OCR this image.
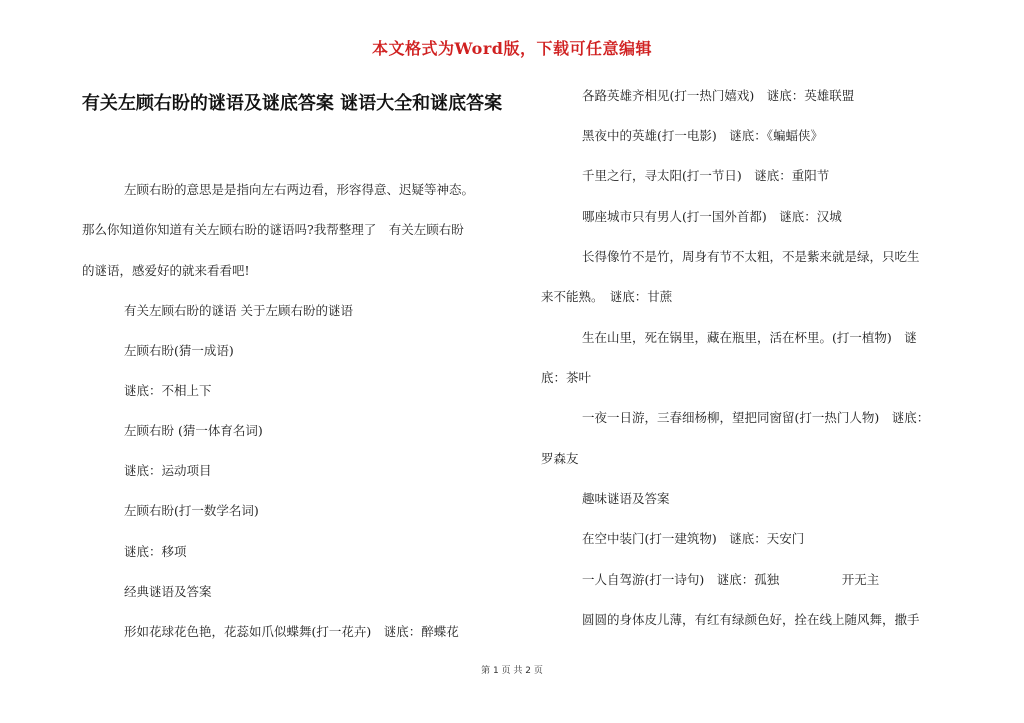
本文格式为Word版，下载可任意编辑
有关左顾右盼的谜语及谜底答案 谜语大全和谜底答案
左顾右盼的意思是是指向左右两边看，形容得意、迟疑等神态。
那么你知道你知道有关左顾右盼的谜语吗?我帮整理了　有关左顾右盼
的谜语，感爱好的就来看看吧!
有关左顾右盼的谜语 关于左顾右盼的谜语
左顾右盼(猜一成语)
谜底：不相上下
左顾右盼 (猜一体育名词)
谜底：运动项目
左顾右盼(打一数学名词)
谜底：移项
经典谜语及答案
形如花球花色艳，花蕊如爪似蝶舞(打一花卉)　谜底：醉蝶花
各路英雄齐相见(打一热门嬉戏)　谜底：英雄联盟
黑夜中的英雄(打一电影)　谜底：《蝙蝠侠》
千里之行，寻太阳(打一节日)　谜底：重阳节
哪座城市只有男人(打一国外首都)　谜底：汉城
长得像竹不是竹，周身有节不太粗，不是紫来就是绿，只吃生
来不能熟。　谜底：甘蔗
生在山里，死在锅里，藏在瓶里，活在杯里。(打一植物)　谜
底：茶叶
一夜一日游，三春细杨柳，望把同窗留(打一热门人物)　谜底：
罗森友
趣味谜语及答案
在空中装门(打一建筑物)　谜底：天安门
一人自驾游(打一诗句)　谜底：孤独　　　　　开无主
圆圆的身体皮儿薄，有红有绿颜色好，拴在线上随风舞，撒手
第 1 页 共 2 页
